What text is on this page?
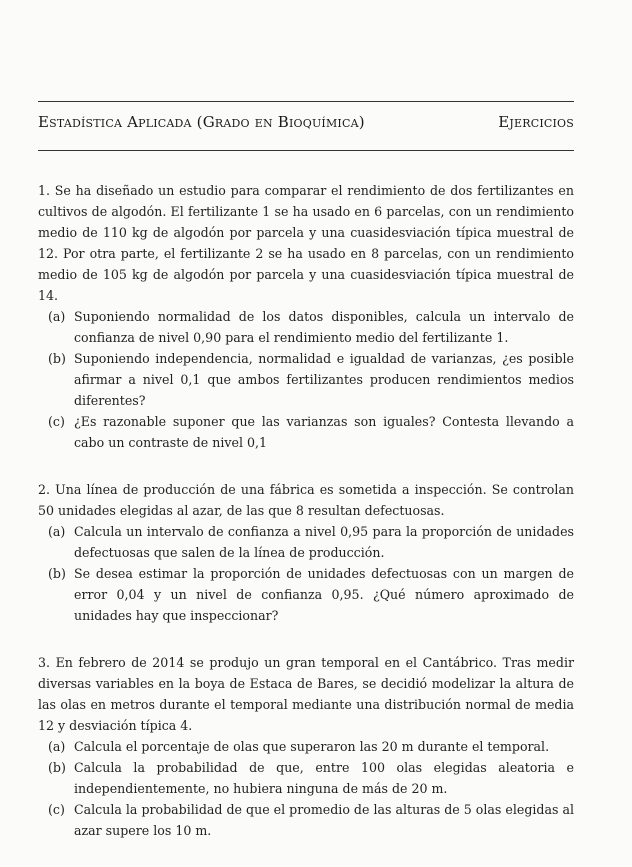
Estadística Aplicada (Grado en Bioquímica)	Ejercicios

1. Se ha diseñado un estudio para comparar el rendimiento de dos fertilizantes en cultivos de algodón. El fertilizante 1 se ha usado en 6 parcelas, con un rendimiento medio de 110 kg de algodón por parcela y una cuasidesviación típica muestral de 12. Por otra parte, el fertilizante 2 se ha usado en 8 parcelas, con un rendimiento medio de 105 kg de algodón por parcela y una cuasidesviación típica muestral de 14.

(a) Suponiendo normalidad de los datos disponibles, calcula un intervalo de confianza de nivel 0,90 para el rendimiento medio del fertilizante 1.
(b) Suponiendo independencia, normalidad e igualdad de varianzas, ¿es posible afirmar a nivel 0,1 que ambos fertilizantes producen rendimientos medios diferentes?
(c) ¿Es razonable suponer que las varianzas son iguales? Contesta llevando a cabo un contraste de nivel 0,1

2. Una línea de producción de una fábrica es sometida a inspección. Se controlan 50 unidades elegidas al azar, de las que 8 resultan defectuosas.

(a) Calcula un intervalo de confianza a nivel 0,95 para la proporción de unidades defectuosas que salen de la línea de producción.
(b) Se desea estimar la proporción de unidades defectuosas con un margen de error 0,04 y un nivel de confianza 0,95. ¿Qué número aproximado de unidades hay que inspeccionar?

3. En febrero de 2014 se produjo un gran temporal en el Cantábrico. Tras medir diversas variables en la boya de Estaca de Bares, se decidió modelizar la altura de las olas en metros durante el temporal mediante una distribución normal de media 12 y desviación típica 4.

(a) Calcula el porcentaje de olas que superaron las 20 m durante el temporal.
(b) Calcula la probabilidad de que, entre 100 olas elegidas aleatoria e independientemente, no hubiera ninguna de más de 20 m.
(c) Calcula la probabilidad de que el promedio de las alturas de 5 olas elegidas al azar supere los 10 m.
